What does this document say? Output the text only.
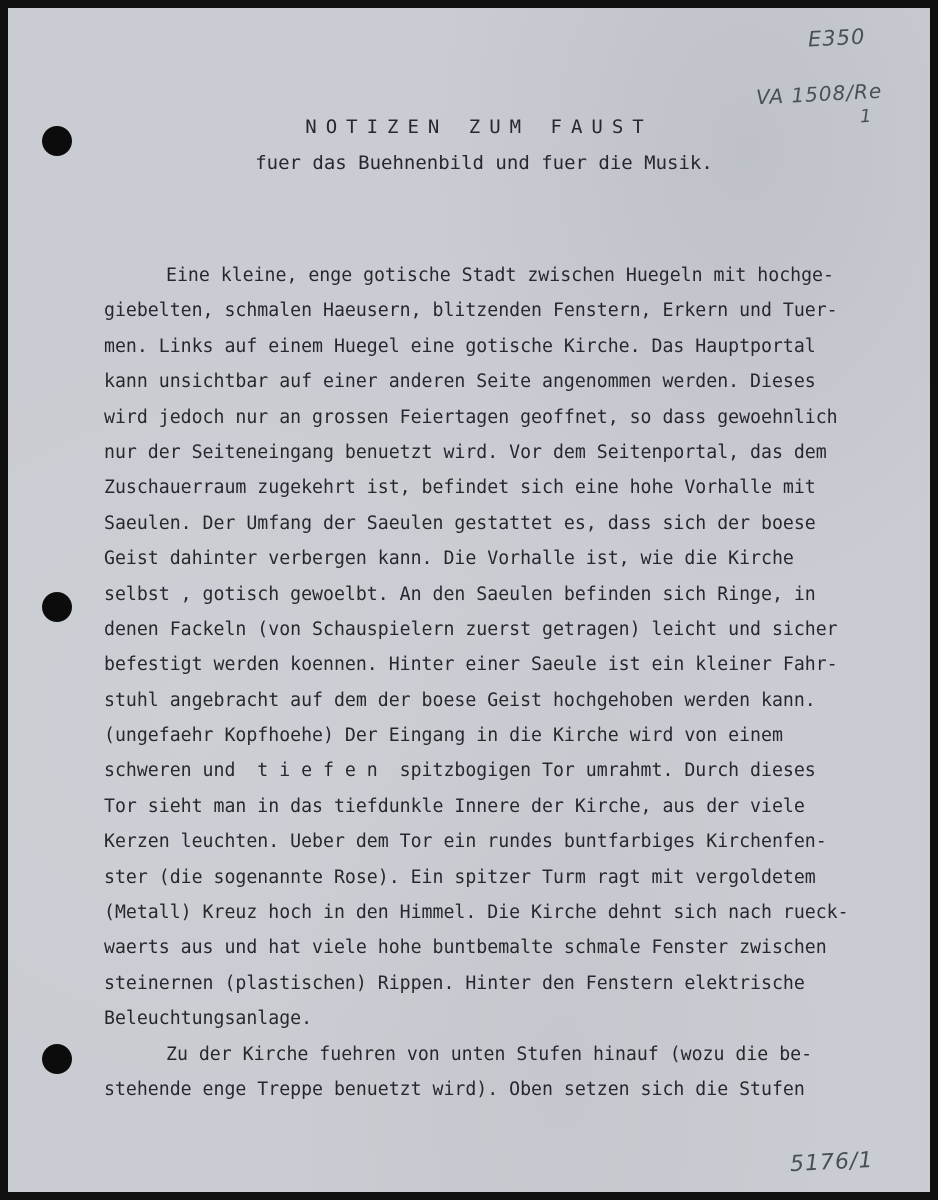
E350
VA 1508/Re
1
5176/1
NOTIZEN ZUM FAUST
fuer das Buehnenbild und fuer die Musik.
Eine kleine, enge gotische Stadt zwischen Huegeln mit hochge-
giebelten, schmalen Haeusern, blitzenden Fenstern, Erkern und Tuer-
men. Links auf einem Huegel eine gotische Kirche. Das Hauptportal
kann unsichtbar auf einer anderen Seite angenommen werden. Dieses
wird jedoch nur an grossen Feiertagen geoffnet, so dass gewoehnlich
nur der Seiteneingang benuetzt wird. Vor dem Seitenportal, das dem
Zuschauerraum zugekehrt ist, befindet sich eine hohe Vorhalle mit
Saeulen. Der Umfang der Saeulen gestattet es, dass sich der boese
Geist dahinter verbergen kann. Die Vorhalle ist, wie die Kirche
selbst , gotisch gewoelbt. An den Saeulen befinden sich Ringe, in
denen Fackeln (von Schauspielern zuerst getragen) leicht und sicher
befestigt werden koennen. Hinter einer Saeule ist ein kleiner Fahr-
stuhl angebracht auf dem der boese Geist hochgehoben werden kann.
(ungefaehr Kopfhoehe) Der Eingang in die Kirche wird von einem
schweren und  t i e f e n  spitzbogigen Tor umrahmt. Durch dieses
Tor sieht man in das tiefdunkle Innere der Kirche, aus der viele
Kerzen leuchten. Ueber dem Tor ein rundes buntfarbiges Kirchenfen-
ster (die sogenannte Rose). Ein spitzer Turm ragt mit vergoldetem
(Metall) Kreuz hoch in den Himmel. Die Kirche dehnt sich nach rueck-
waerts aus und hat viele hohe buntbemalte schmale Fenster zwischen
steinernen (plastischen) Rippen. Hinter den Fenstern elektrische
Beleuchtungsanlage.
Zu der Kirche fuehren von unten Stufen hinauf (wozu die be-
stehende enge Treppe benuetzt wird). Oben setzen sich die Stufen
